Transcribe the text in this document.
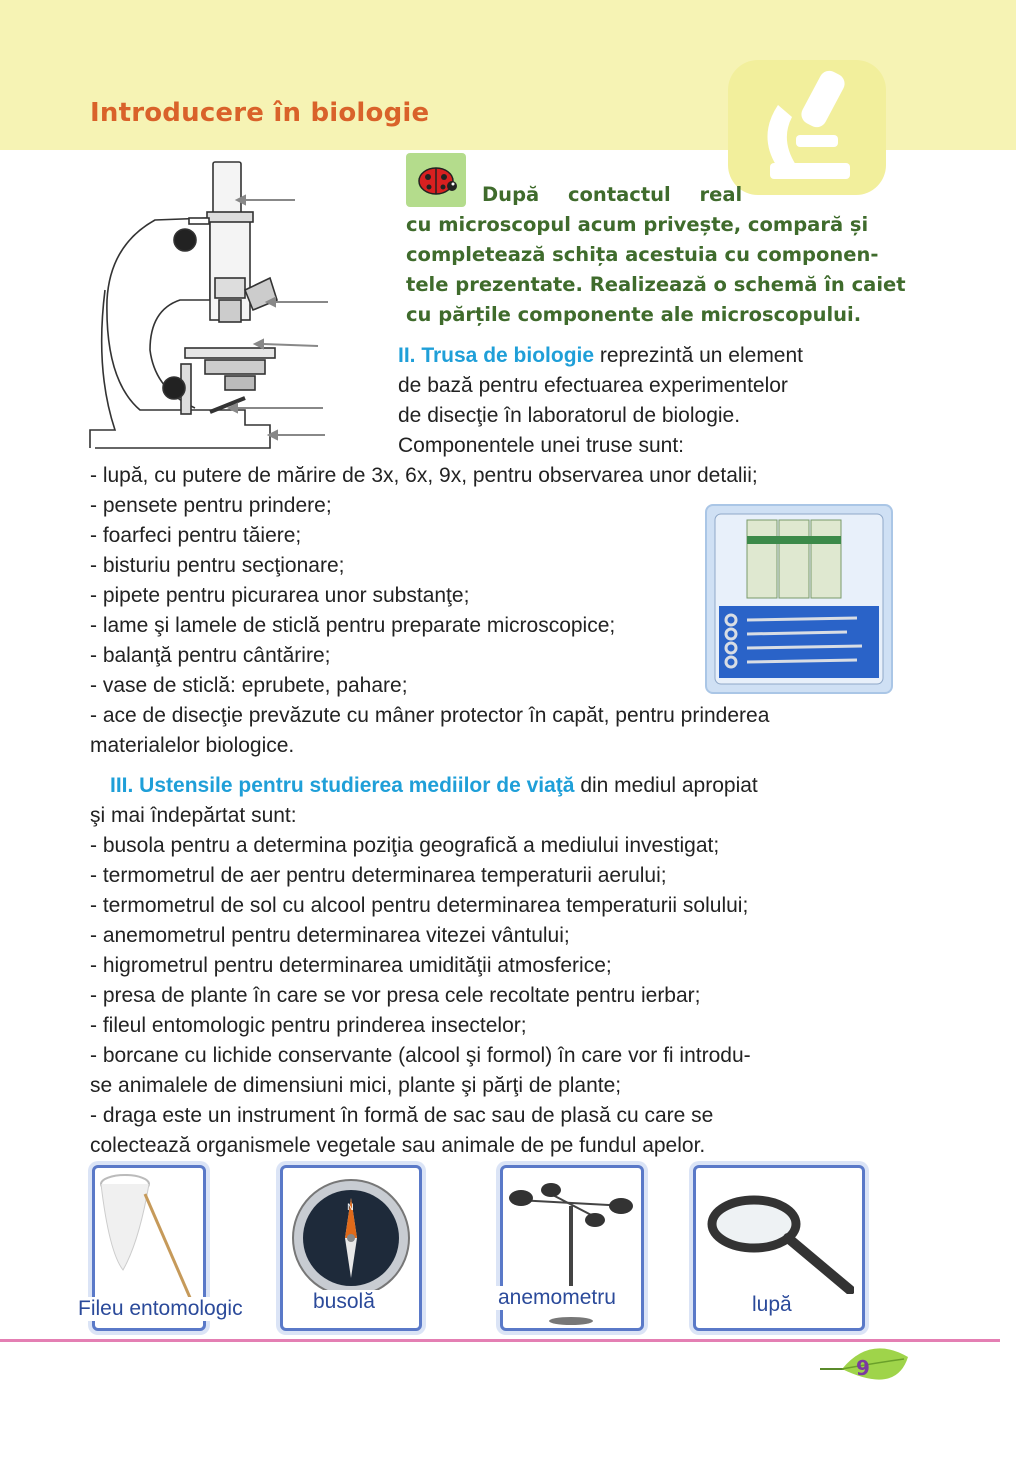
Introducere în biologie
După contactul real
cu microscopul acum privește, compară și
completează schița acestuia cu componen-
tele prezentate. Realizează o schemă în caiet
cu părțile componente ale microscopului.

II. Trusa de biologie reprezintă un element

de bază pentru efectuarea experimentelor

de disecţie în laboratorul de biologie.

Componentele unei truse sunt:

- lupă, cu putere de mărire de 3x, 6x, 9x, pentru observarea unor detalii;

- pensete pentru prindere;

- foarfeci pentru tăiere;

- bisturiu pentru secţionare;

- pipete pentru picurarea unor substanţe;

- lame şi lamele de sticlă pentru preparate microscopice;

- balanţă pentru cântărire;

- vase de sticlă: eprubete, pahare;

- ace de disecţie prevăzute cu mâner protector în capăt, pentru prinderea

materialelor biologice.

III. Ustensile pentru studierea mediilor de viaţă din mediul apropiat

şi mai îndepărtat sunt:

- busola pentru a determina poziţia geografică a mediului investigat;

- termometrul de aer pentru determinarea temperaturii aerului;

- termometrul de sol cu alcool pentru determinarea temperaturii solului;

- anemometrul pentru determinarea vitezei vântului;

- higrometrul pentru determinarea umidităţii atmosferice;

- presa de plante în care se vor presa cele recoltate pentru ierbar;

- fileul entomologic pentru prinderea insectelor;

- borcane cu lichide conservante (alcool şi formol) în care vor fi introdu-

se animalele de dimensiuni mici, plante şi părţi de plante;

- draga este un instrument în formă de sac sau de plasă cu care se

colectează organismele vegetale sau animale de pe fundul apelor.

Fileu entomologic
N
busolă	anemometru	lupă
9
